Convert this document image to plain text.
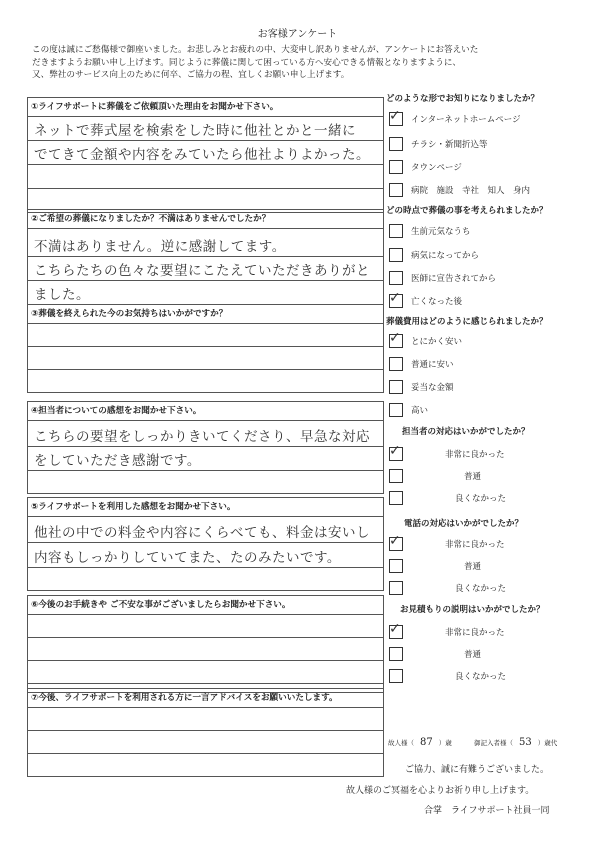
お客様アンケート
この度は誠にご愁傷様で御座いました。お悲しみとお疲れの中、大変申し訳ありませんが、アンケートにお答えいた
だきますようお願い申し上げます。同じように葬儀に関して困っている方へ安心できる情報となりますように、
又、弊社のサービス向上のために何卒、ご協力の程、宜しくお願い申し上げます。
①ライフサポートに葬儀をご依頼頂いた理由をお聞かせ下さい。
ネットで葬式屋を検索をした時に他社とかと一緒に
でてきて金額や内容をみていたら他社よりよかった。
②ご希望の葬儀になりましたか？不満はありませんでしたか？
不満はありません。逆に感謝してます。
こちらたちの色々な要望にこたえていただきありがと
ました。
③葬儀を終えられた今のお気持ちはいかがですか？
④担当者についての感想をお聞かせ下さい。
こちらの要望をしっかりきいてくださり、早急な対応
をしていただき感謝です。
⑤ライフサポートを利用した感想をお聞かせ下さい。
他社の中での料金や内容にくらべても、料金は安いし
内容もしっかりしていてまた、たのみたいです。
⑥今後のお手続きや ご不安な事がございましたらお聞かせ下さい。
⑦今後、ライフサポートを利用される方に一言アドバイスをお願いいたします。
どのような形でお知りになりましたか？
✓ インターネットホームページ
チラシ・新聞折込等
タウンページ
病院　施設　寺社　知人　身内
どの時点で葬儀の事を考えられましたか？
生前元気なうち
病気になってから
医師に宣告されてから
✓ 亡くなった後
葬儀費用はどのように感じられましたか？
✓ とにかく安い
普通に安い
妥当な金額
高い
担当者の対応はいかがでしたか？
✓	非常に良かった
普通
良くなかった
電話の対応はいかがでしたか？
✓	非常に良かった
普通
良くなかった
お見積もりの説明はいかがでしたか？
✓	非常に良かった
普通
良くなかった
故人様（ 87 ）歳	御記入者様（ 53 ）歳代
ご協力、誠に有難うございました。
故人様のご冥福を心よりお祈り申し上げます。
合掌　ライフサポート社員一同
